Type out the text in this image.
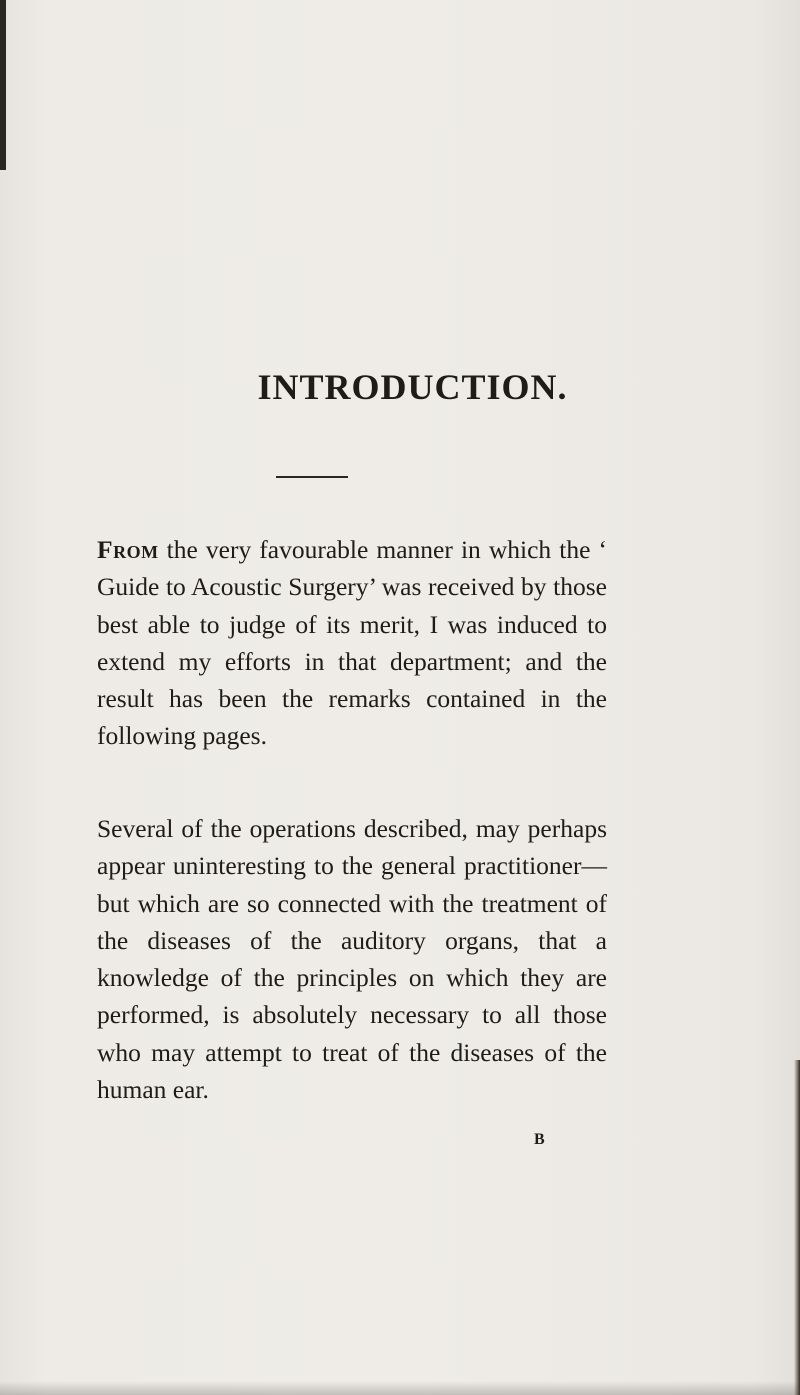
INTRODUCTION.

From the very favourable manner in which the ‘ Guide to Acoustic Surgery’ was received by those best able to judge of its merit, I was induced to extend my efforts in that department; and the result has been the remarks contained in the following pages.

Several of the operations described, may perhaps appear uninteresting to the general practitioner—but which are so connected with the treatment of the diseases of the auditory organs, that a knowledge of the principles on which they are performed, is absolutely necessary to all those who may attempt to treat of the diseases of the human ear.

B
